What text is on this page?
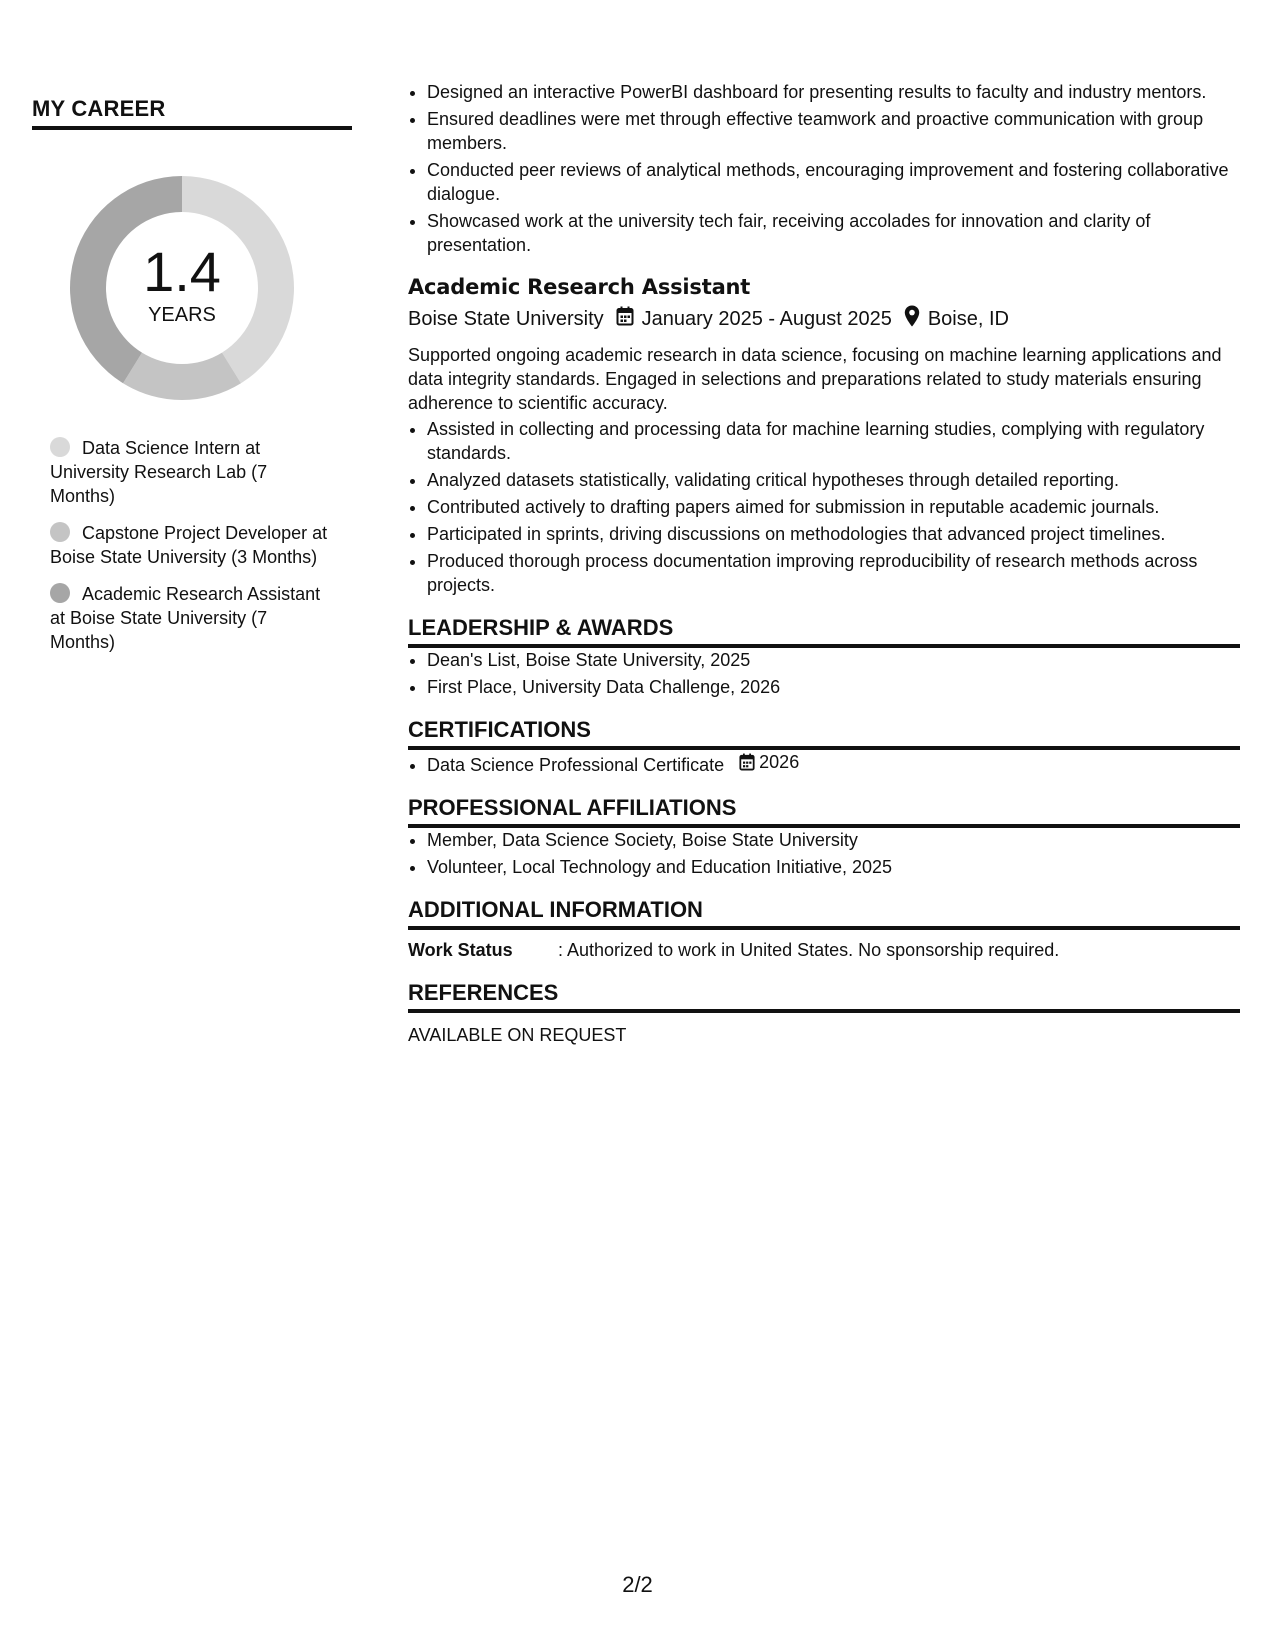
MY CAREER
1.4
YEARS
Data Science Intern at University Research Lab (7 Months)
Capstone Project Developer at Boise State University (3 Months)
Academic Research Assistant at Boise State University (7 Months)
• Designed an interactive PowerBI dashboard for presenting results to faculty and industry mentors.
• Ensured deadlines were met through effective teamwork and proactive communication with group members.
• Conducted peer reviews of analytical methods, encouraging improvement and fostering collaborative dialogue.
• Showcased work at the university tech fair, receiving accolades for innovation and clarity of presentation.
Academic Research Assistant
Boise State University January 2025 - August 2025 Boise, ID

Supported ongoing academic research in data science, focusing on machine learning applications and data integrity standards. Engaged in selections and preparations related to study materials ensuring adherence to scientific accuracy.

• Assisted in collecting and processing data for machine learning studies, complying with regulatory standards.
• Analyzed datasets statistically, validating critical hypotheses through detailed reporting.
• Contributed actively to drafting papers aimed for submission in reputable academic journals.
• Participated in sprints, driving discussions on methodologies that advanced project timelines.
• Produced thorough process documentation improving reproducibility of research methods across projects.
LEADERSHIP & AWARDS
• Dean's List, Boise State University, 2025
• First Place, University Data Challenge, 2026
CERTIFICATIONS
• Data Science Professional Certificate 2026
PROFESSIONAL AFFILIATIONS
• Member, Data Science Society, Boise State University
• Volunteer, Local Technology and Education Initiative, 2025
ADDITIONAL INFORMATION
Work Status	: Authorized to work in United States. No sponsorship required.
REFERENCES
AVAILABLE ON REQUEST
2/2
